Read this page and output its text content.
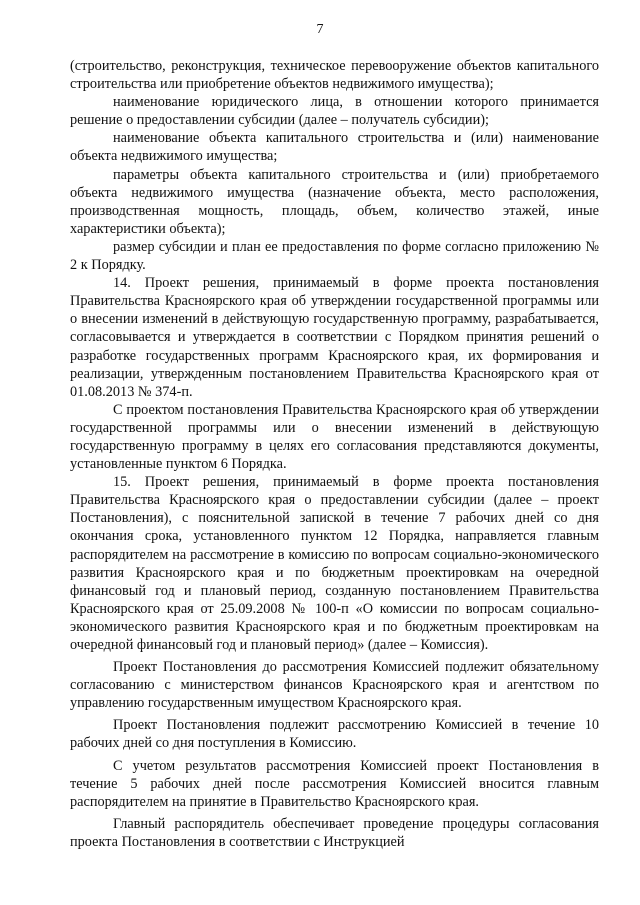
7

(строительство, реконструкция, техническое перевооружение объектов капитального строительства или приобретение объектов недвижимого имущества);

наименование юридического лица, в отношении которого принимается решение о предоставлении субсидии (далее – получатель субсидии);

наименование объекта капитального строительства и (или) наименование объекта недвижимого имущества;

параметры объекта капитального строительства и (или) приобретаемого объекта недвижимого имущества (назначение объекта, место расположения, производственная мощность, площадь, объем, количество этажей, иные характеристики объекта);

размер субсидии и план ее предоставления по форме согласно приложению № 2 к Порядку.

14. Проект решения, принимаемый в форме проекта постановления Правительства Красноярского края об утверждении государственной программы или о внесении изменений в действующую государственную программу, разрабатывается, согласовывается и утверждается в соответствии с Порядком принятия решений о разработке государственных программ Красноярского края, их формирования и реализации, утвержденным постановлением Правительства Красноярского края от 01.08.2013 № 374-п.

С проектом постановления Правительства Красноярского края об утверждении государственной программы или о внесении изменений в действующую государственную программу в целях его согласования представляются документы, установленные пунктом 6 Порядка.

15. Проект решения, принимаемый в форме проекта постановления Правительства Красноярского края о предоставлении субсидии (далее – проект Постановления), с пояснительной запиской в течение 7 рабочих дней со дня окончания срока, установленного пунктом 12 Порядка, направляется главным распорядителем на рассмотрение в комиссию по вопросам социально-экономического развития Красноярского края и по бюджетным проектировкам на очередной финансовый год и плановый период, созданную постановлением Правительства Красноярского края от 25.09.2008 № 100-п «О комиссии по вопросам социально-экономического развития Красноярского края и по бюджетным проектировкам на очередной финансовый год и плановый период» (далее – Комиссия).

Проект Постановления до рассмотрения Комиссией подлежит обязательному согласованию с министерством финансов Красноярского края и агентством по управлению государственным имуществом Красноярского края.

Проект Постановления подлежит рассмотрению Комиссией в течение 10 рабочих дней со дня поступления в Комиссию.

С учетом результатов рассмотрения Комиссией проект Постановления в течение 5 рабочих дней после рассмотрения Комиссией вносится главным распорядителем на принятие в Правительство Красноярского края.

Главный распорядитель обеспечивает проведение процедуры согласования проекта Постановления в соответствии с Инструкцией
